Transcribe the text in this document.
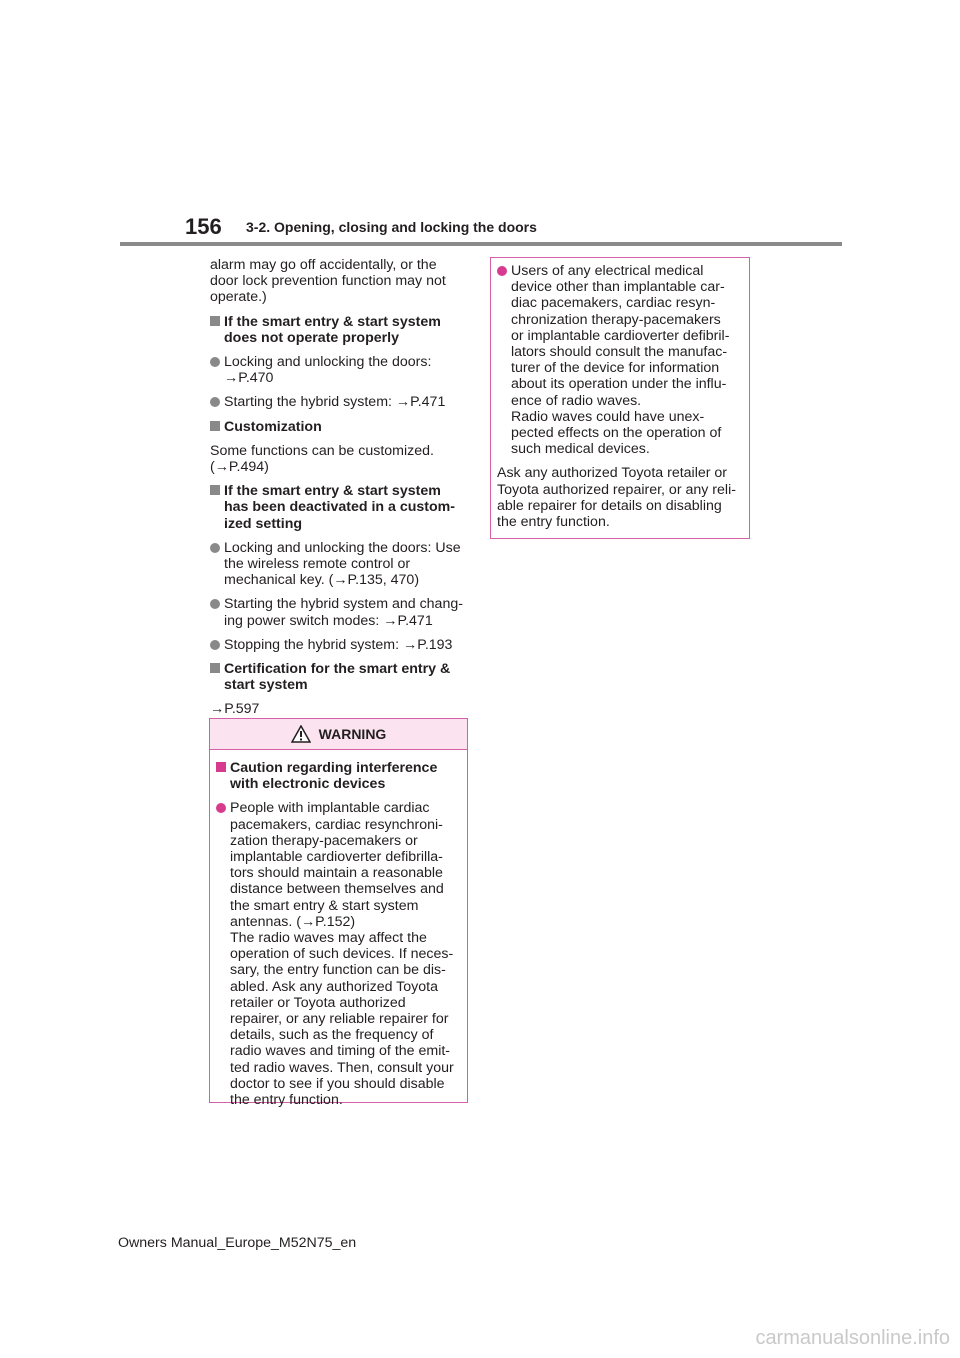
156 3-2. Opening, closing and locking the doors

alarm may go off accidentally, or the
door lock prevention function may not
operate.)

If the smart entry & start system
does not operate properly
Locking and unlocking the doors:
→P.470
Starting the hybrid system: →P.471
Customization

Some functions can be customized.
(→P.494)

If the smart entry & start system
has been deactivated in a custom-
ized setting
Locking and unlocking the doors: Use
the wireless remote control or
mechanical key. (→P.135, 470)
Starting the hybrid system and chang-
ing power switch modes: →P.471
Stopping the hybrid system: →P.193
Certification for the smart entry &
start system

→P.597

WARNING
Caution regarding interference
with electronic devices
People with implantable cardiac
pacemakers, cardiac resynchroni-
zation therapy-pacemakers or
implantable cardioverter defibrilla-
tors should maintain a reasonable
distance between themselves and
the smart entry & start system
antennas. (→P.152)
The radio waves may affect the
operation of such devices. If neces-
sary, the entry function can be dis-
abled. Ask any authorized Toyota
retailer or Toyota authorized
repairer, or any reliable repairer for
details, such as the frequency of
radio waves and timing of the emit-
ted radio waves. Then, consult your
doctor to see if you should disable
the entry function.
Users of any electrical medical
device other than implantable car-
diac pacemakers, cardiac resyn-
chronization therapy-pacemakers
or implantable cardioverter defibril-
lators should consult the manufac-
turer of the device for information
about its operation under the influ-
ence of radio waves.
Radio waves could have unex-
pected effects on the operation of
such medical devices.

Ask any authorized Toyota retailer or
Toyota authorized repairer, or any reli-
able repairer for details on disabling
the entry function.

Owners Manual_Europe_M52N75_en
carmanualsonline.info
